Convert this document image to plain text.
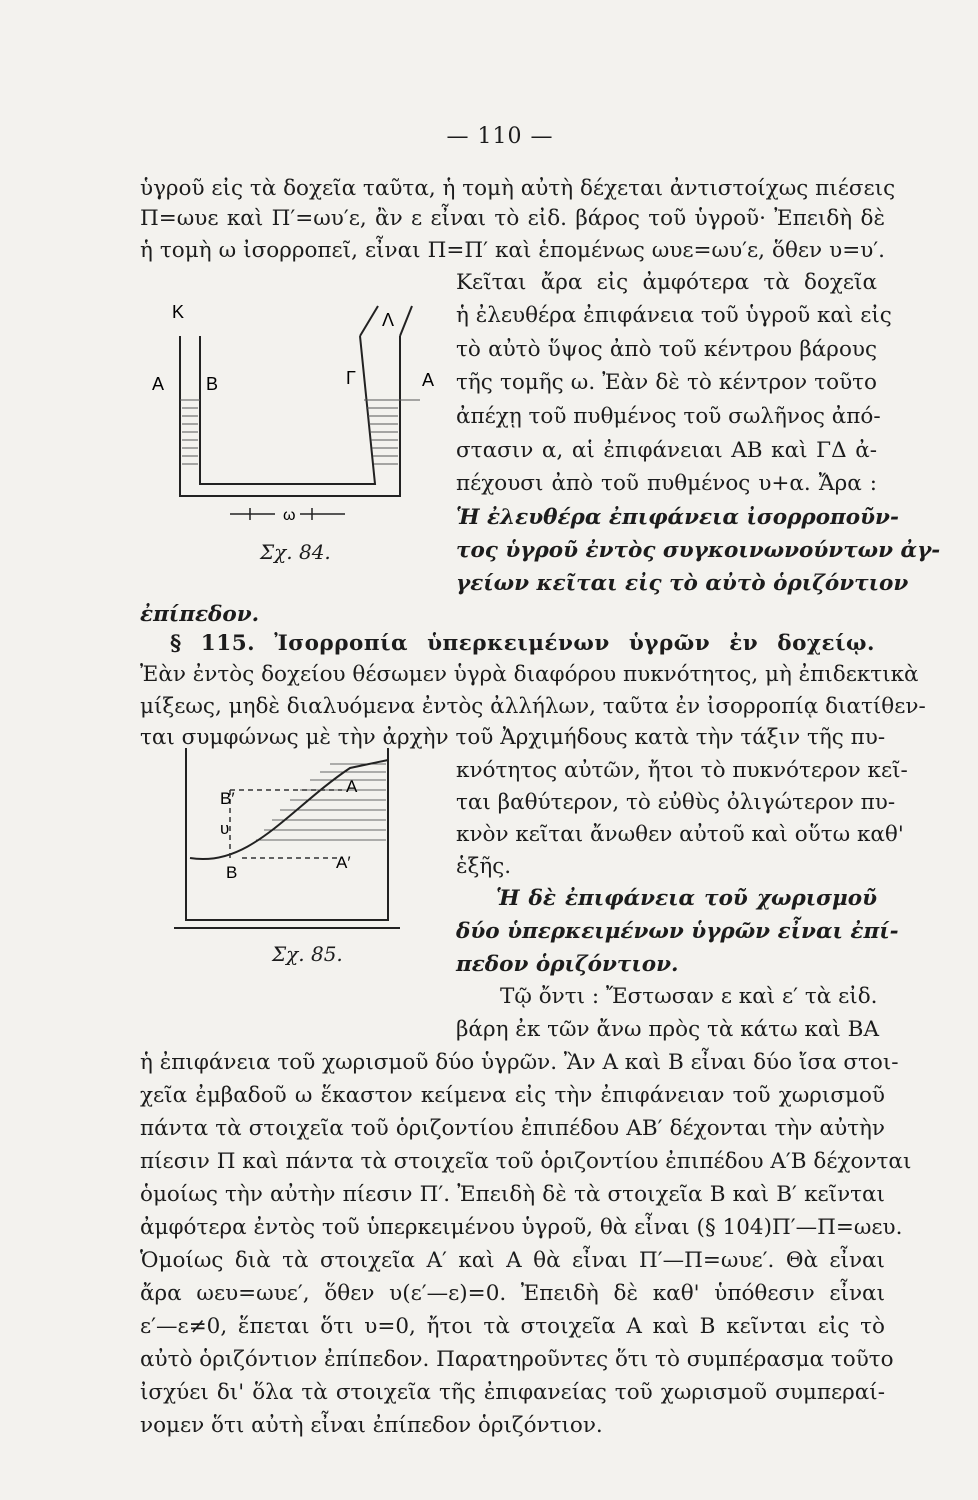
— 110 —
ὑγροῦ εἰς τὰ δοχεῖα ταῦτα, ἡ τομὴ αὐτὴ δέχεται ἀντιστοίχως πιέσεις
Π=ωυε καὶ Π′=ωυ′ε, ἂν ε εἶναι τὸ εἰδ. βάρος τοῦ ὑγροῦ· Ἐπειδὴ δὲ
ἡ τομὴ ω ἰσορροπεῖ, εἶναι Π=Π′ καὶ ἑπομένως ωυε=ωυ′ε, ὅθεν υ=υ′.
Κεῖται ἄρα εἰς ἀμφότερα τὰ δοχεῖα
ἡ ἐλευθέρα ἐπιφάνεια τοῦ ὑγροῦ καὶ εἰς
τὸ αὐτὸ ὕψος ἀπὸ τοῦ κέντρου βάρους
τῆς τομῆς ω. Ἐὰν δὲ τὸ κέντρον τοῦτο
ἀπέχῃ τοῦ πυθμένος τοῦ σωλῆνος ἀπό-
στασιν α, αἱ ἐπιφάνειαι ΑΒ καὶ ΓΔ ἀ-
πέχουσι ἀπὸ τοῦ πυθμένος υ+α. Ἄρα :
Ἡ ἐλευθέρα ἐπιφάνεια ἰσορροποῦν-
τος ὑγροῦ ἐντὸς συγκοινωνούντων ἀγ-
γείων κεῖται εἰς τὸ αὐτὸ ὁριζόντιον
ἐπίπεδον.
§ 115. Ἰσορροπία ὑπερκειμένων ὑγρῶν ἐν δοχείῳ.
Ἐὰν ἐντὸς δοχείου θέσωμεν ὑγρὰ διαφόρου πυκνότητος, μὴ ἐπιδεκτικὰ
μίξεως, μηδὲ διαλυόμενα ἐντὸς ἀλλήλων, ταῦτα ἐν ἰσορροπίᾳ διατίθεν-
ται συμφώνως μὲ τὴν ἀρχὴν τοῦ Ἀρχιμήδους κατὰ τὴν τάξιν τῆς πυ-
κνότητος αὐτῶν, ἤτοι τὸ πυκνότερον κεῖ-
ται βαθύτερον, τὸ εὐθὺς ὀλιγώτερον πυ-
κνὸν κεῖται ἄνωθεν αὐτοῦ καὶ οὕτω καθ'
ἑξῆς.
Ἡ δὲ ἐπιφάνεια τοῦ χωρισμοῦ
δύο ὑπερκειμένων ὑγρῶν εἶναι ἐπί-
πεδον ὁριζόντιον.
Τῷ ὄντι : Ἔστωσαν ε καὶ ε′ τὰ εἰδ.
βάρη ἐκ τῶν ἄνω πρὸς τὰ κάτω καὶ ΒΑ
ἡ ἐπιφάνεια τοῦ χωρισμοῦ δύο ὑγρῶν. Ἂν Α καὶ Β εἶναι δύο ἴσα στοι-
χεῖα ἐμβαδοῦ ω ἕκαστον κείμενα εἰς τὴν ἐπιφάνειαν τοῦ χωρισμοῦ
πάντα τὰ στοιχεῖα τοῦ ὁριζοντίου ἐπιπέδου ΑΒ′ δέχονται τὴν αὐτὴν
πίεσιν Π καὶ πάντα τὰ στοιχεῖα τοῦ ὁριζοντίου ἐπιπέδου Α′Β δέχονται
ὁμοίως τὴν αὐτὴν πίεσιν Π′. Ἐπειδὴ δὲ τὰ στοιχεῖα Β καὶ Β′ κεῖνται
ἀμφότερα ἐντὸς τοῦ ὑπερκειμένου ὑγροῦ, θὰ εἶναι (§ 104)Π′—Π=ωευ.
Ὁμοίως διὰ τὰ στοιχεῖα Α′ καὶ Α θὰ εἶναι Π′—Π=ωυε′. Θὰ εἶναι
ἄρα ωευ=ωυε′, ὅθεν υ(ε′—ε)=0. Ἐπειδὴ δὲ καθ' ὑπόθεσιν εἶναι
ε′—ε≠0, ἕπεται ὅτι υ=0, ἤτοι τὰ στοιχεῖα Α καὶ Β κεῖνται εἰς τὸ
αὐτὸ ὁριζόντιον ἐπίπεδον. Παρατηροῦντες ὅτι τὸ συμπέρασμα τοῦτο
ἰσχύει δι' ὅλα τὰ στοιχεῖα τῆς ἐπιφανείας τοῦ χωρισμοῦ συμπεραί-
νομεν ὅτι αὐτὴ εἶναι ἐπίπεδον ὁριζόντιον.
K	Λ
A B	Γ	A
ω
Σχ. 84.
B′
A
υ
A′
B
Σχ. 85.
